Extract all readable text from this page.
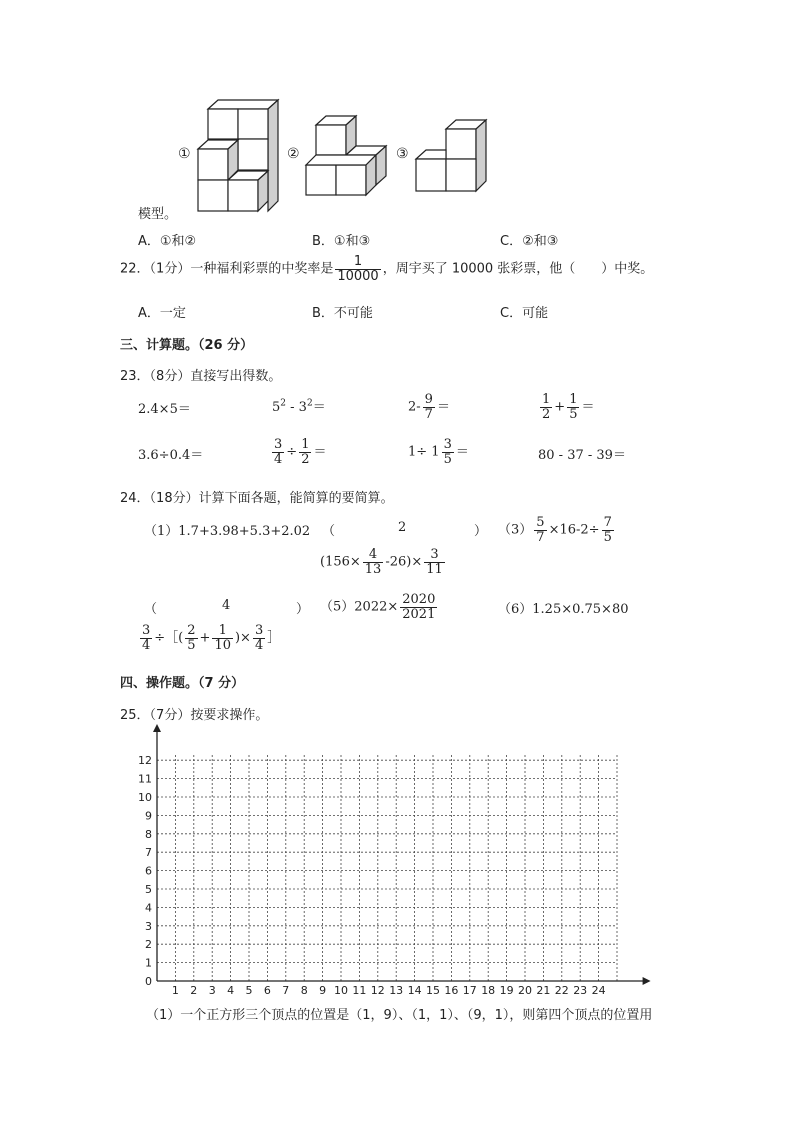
①	②	③
模型。
A．①和②	B．①和③	C．②和③
22．（1分）一种福利彩票的中奖率是 $\frac{1}{10000}$ ，周宇买了 10000 张彩票，他（　　）中奖。
A．一定	B．不可能	C．可能
三、计算题。（26 分）
23．（8分）直接写出得数。
2.4×5＝	$5^2 - 3^2=$	$2- \frac{9}{7}$ ＝	$\frac{1}{2} + \frac{1}{5}$ ＝
3.6÷0.4＝	$\frac{3}{4} \div \frac{1}{2}$ ＝	$1\div 1 \frac{3}{5}$ ＝	80 - 37 - 39＝
24．（18分）计算下面各题，能简算的要简算。
（1）1.7+3.98+5.3+2.02 （	2	） $(3) \frac{5}{7} \times 16-2\div \frac{7}{5}$
$(156\times \frac{4}{13} -26)\times \frac{3}{11}$
（	4	） $(5)2022\times \frac{2020}{2021}$	（6）1.25×0.75×80
$\frac{3}{4}$ ÷［( $\frac{2}{5} + \frac{1}{10}$ )× $\frac{3}{4}$ ］
四、操作题。（7 分）
25．（7分）按要求操作。
1 2 3 4 5 6 7 8 9 10 11 12 13 14 15 16 17 18 19 20 21 22 23 24
0
1
2
3
4
5
6
7
8
9
10
11
12
（1）一个正方形三个顶点的位置是（1，9）、（1，1）、（9，1），则第四个顶点的位置用
